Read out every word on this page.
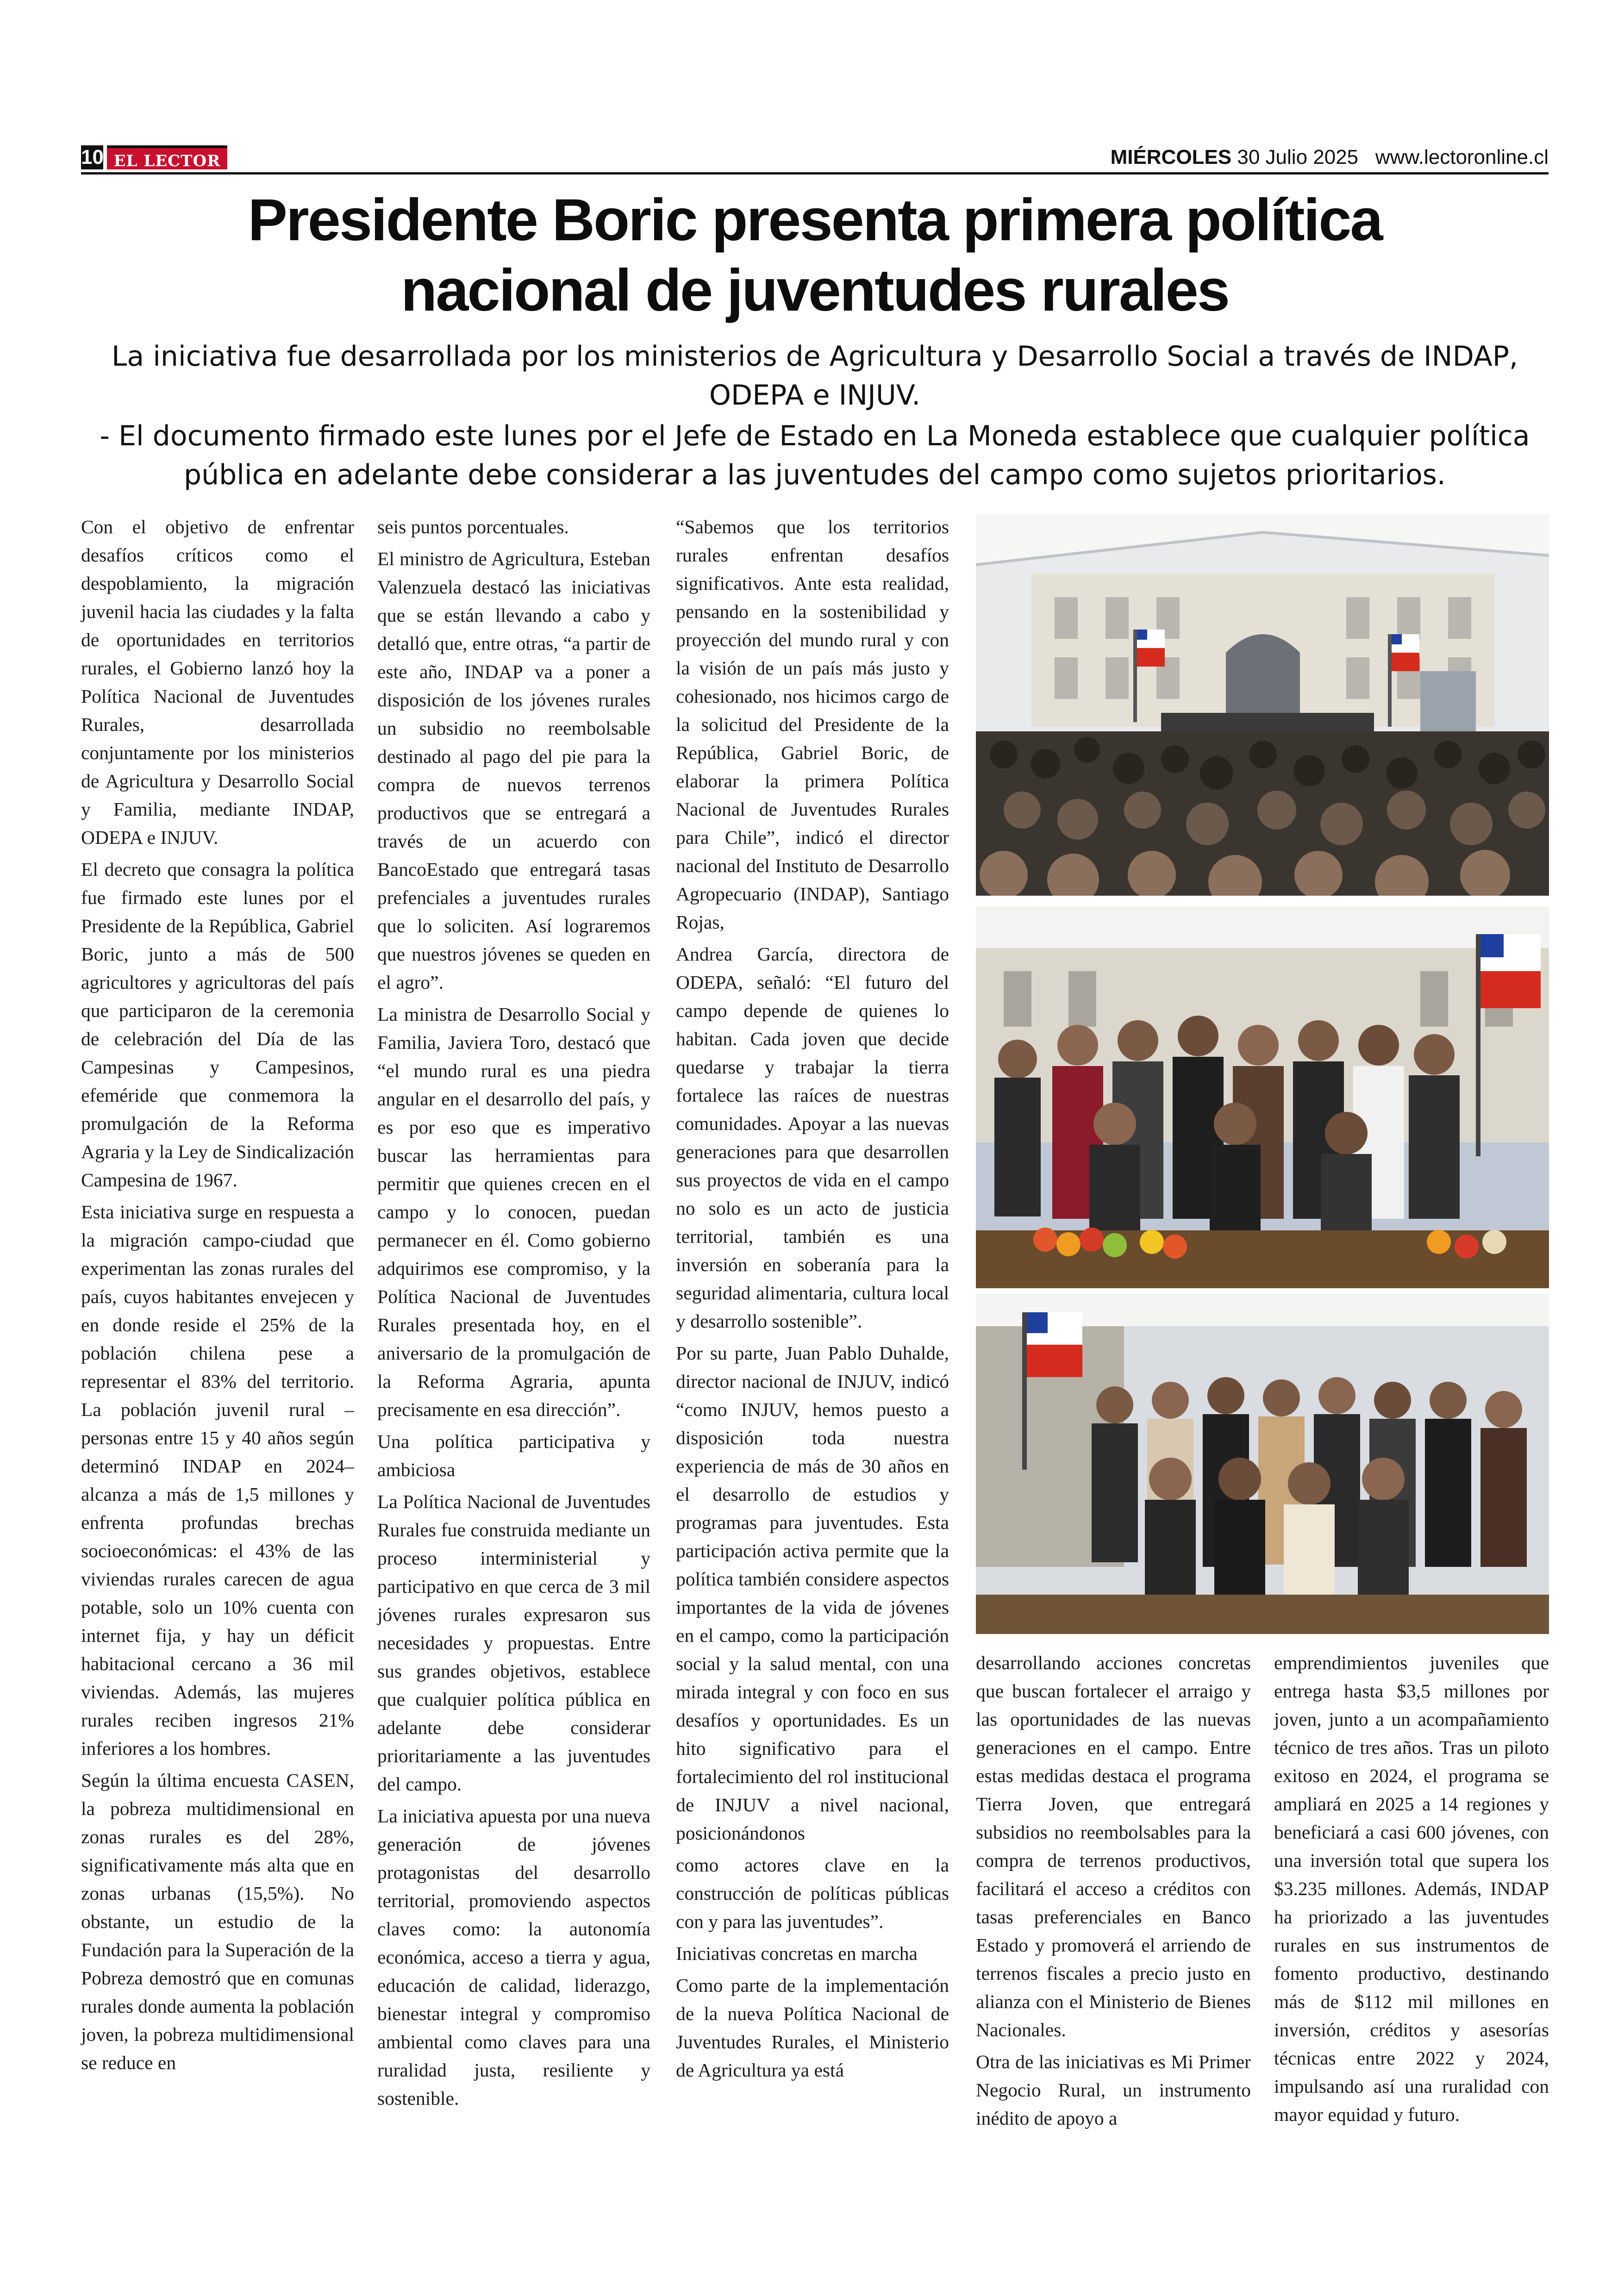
10 EL LECTOR	MIÉRCOLES 30 Julio 2025 www.lectoronline.cl
Presidente Boric presenta primera política
nacional de juventudes rurales
La iniciativa fue desarrollada por los ministerios de Agricultura y Desarrollo Social a través de INDAP, ODEPA e INJUV.
- El documento firmado este lunes por el Jefe de Estado en La Moneda establece que cualquier política pública en adelante debe considerar a las juventudes del campo como sujetos prioritarios.

Con el objetivo de enfrentar desafíos críticos como el despoblamiento, la migración juvenil hacia las ciudades y la falta de oportunidades en territorios rurales, el Gobierno lanzó hoy la Política Nacional de Juventudes Rurales, desarrollada conjuntamente por los ministerios de Agricultura y Desarrollo Social y Familia, mediante INDAP, ODEPA e INJUV.

El decreto que consagra la política fue firmado este lunes por el Presidente de la República, Gabriel Boric, junto a más de 500 agricultores y agricultoras del país que participaron de la ceremonia de celebración del Día de las Campesinas y Campesinos, efeméride que conmemora la promulgación de la Reforma Agraria y la Ley de Sindicalización Campesina de 1967.

Esta iniciativa surge en respuesta a la migración campo-ciudad que experimentan las zonas rurales del país, cuyos habitantes envejecen y en donde reside el 25% de la población chilena pese a representar el 83% del territorio. La población juvenil rural –personas entre 15 y 40 años según determinó INDAP en 2024– alcanza a más de 1,5 millones y enfrenta profundas brechas socioeconómicas: el 43% de las viviendas rurales carecen de agua potable, solo un 10% cuenta con internet fija, y hay un déficit habitacional cercano a 36 mil viviendas. Además, las mujeres rurales reciben ingresos 21% inferiores a los hombres.

Según la última encuesta CASEN, la pobreza multidimensional en zonas rurales es del 28%, significativamente más alta que en zonas urbanas (15,5%). No obstante, un estudio de la Fundación para la Superación de la Pobreza demostró que en comunas rurales donde aumenta la población joven, la pobreza multidimensional se reduce en

seis puntos porcentuales.

El ministro de Agricultura, Esteban Valenzuela destacó las iniciativas que se están llevando a cabo y detalló que, entre otras, “a partir de este año, INDAP va a poner a disposición de los jóvenes rurales un subsidio no reembolsable destinado al pago del pie para la compra de nuevos terrenos productivos que se entregará a través de un acuerdo con BancoEstado que entregará tasas prefenciales a juventudes rurales que lo soliciten. Así lograremos que nuestros jóvenes se queden en el agro”.

La ministra de Desarrollo Social y Familia, Javiera Toro, destacó que “el mundo rural es una piedra angular en el desarrollo del país, y es por eso que es imperativo buscar las herramientas para permitir que quienes crecen en el campo y lo conocen, puedan permanecer en él. Como gobierno adquirimos ese compromiso, y la Política Nacional de Juventudes Rurales presentada hoy, en el aniversario de la promulgación de la Reforma Agraria, apunta precisamente en esa dirección”.

Una política participativa y ambiciosa

La Política Nacional de Juventudes Rurales fue construida mediante un proceso interministerial y participativo en que cerca de 3 mil jóvenes rurales expresaron sus necesidades y propuestas. Entre sus grandes objetivos, establece que cualquier política pública en adelante debe considerar prioritariamente a las juventudes del campo.

La iniciativa apuesta por una nueva generación de jóvenes protagonistas del desarrollo territorial, promoviendo aspectos claves como: la autonomía económica, acceso a tierra y agua, educación de calidad, liderazgo, bienestar integral y compromiso ambiental como claves para una ruralidad justa, resiliente y sostenible.

“Sabemos que los territorios rurales enfrentan desafíos significativos. Ante esta realidad, pensando en la sostenibilidad y proyección del mundo rural y con la visión de un país más justo y cohesionado, nos hicimos cargo de la solicitud del Presidente de la República, Gabriel Boric, de elaborar la primera Política Nacional de Juventudes Rurales para Chile”, indicó el director nacional del Instituto de Desarrollo Agropecuario (INDAP), Santiago Rojas,

Andrea García, directora de ODEPA, señaló: “El futuro del campo depende de quienes lo habitan. Cada joven que decide quedarse y trabajar la tierra fortalece las raíces de nuestras comunidades. Apoyar a las nuevas generaciones para que desarrollen sus proyectos de vida en el campo no solo es un acto de justicia territorial, también es una inversión en soberanía para la seguridad alimentaria, cultura local y desarrollo sostenible”.

Por su parte, Juan Pablo Duhalde, director nacional de INJUV, indicó “como INJUV, hemos puesto a disposición toda nuestra experiencia de más de 30 años en el desarrollo de estudios y programas para juventudes. Esta participación activa permite que la política también considere aspectos importantes de la vida de jóvenes en el campo, como la participación social y la salud mental, con una mirada integral y con foco en sus desafíos y oportunidades. Es un hito significativo para el fortalecimiento del rol institucional de INJUV a nivel nacional, posicionándonos

como actores clave en la construcción de políticas públicas con y para las juventudes”.

Iniciativas concretas en marcha

Como parte de la implementación de la nueva Política Nacional de Juventudes Rurales, el Ministerio de Agricultura ya está

desarrollando acciones concretas que buscan fortalecer el arraigo y las oportunidades de las nuevas generaciones en el campo. Entre estas medidas destaca el programa Tierra Joven, que entregará subsidios no reembolsables para la compra de terrenos productivos, facilitará el acceso a créditos con tasas preferenciales en Banco Estado y promoverá el arriendo de terrenos fiscales a precio justo en alianza con el Ministerio de Bienes Nacionales.

Otra de las iniciativas es Mi Primer Negocio Rural, un instrumento inédito de apoyo a

emprendimientos juveniles que entrega hasta $3,5 millones por joven, junto a un acompañamiento técnico de tres años. Tras un piloto exitoso en 2024, el programa se ampliará en 2025 a 14 regiones y beneficiará a casi 600 jóvenes, con una inversión total que supera los $3.235 millones. Además, INDAP ha priorizado a las juventudes rurales en sus instrumentos de fomento productivo, destinando más de $112 mil millones en inversión, créditos y asesorías técnicas entre 2022 y 2024, impulsando así una ruralidad con mayor equidad y futuro.
